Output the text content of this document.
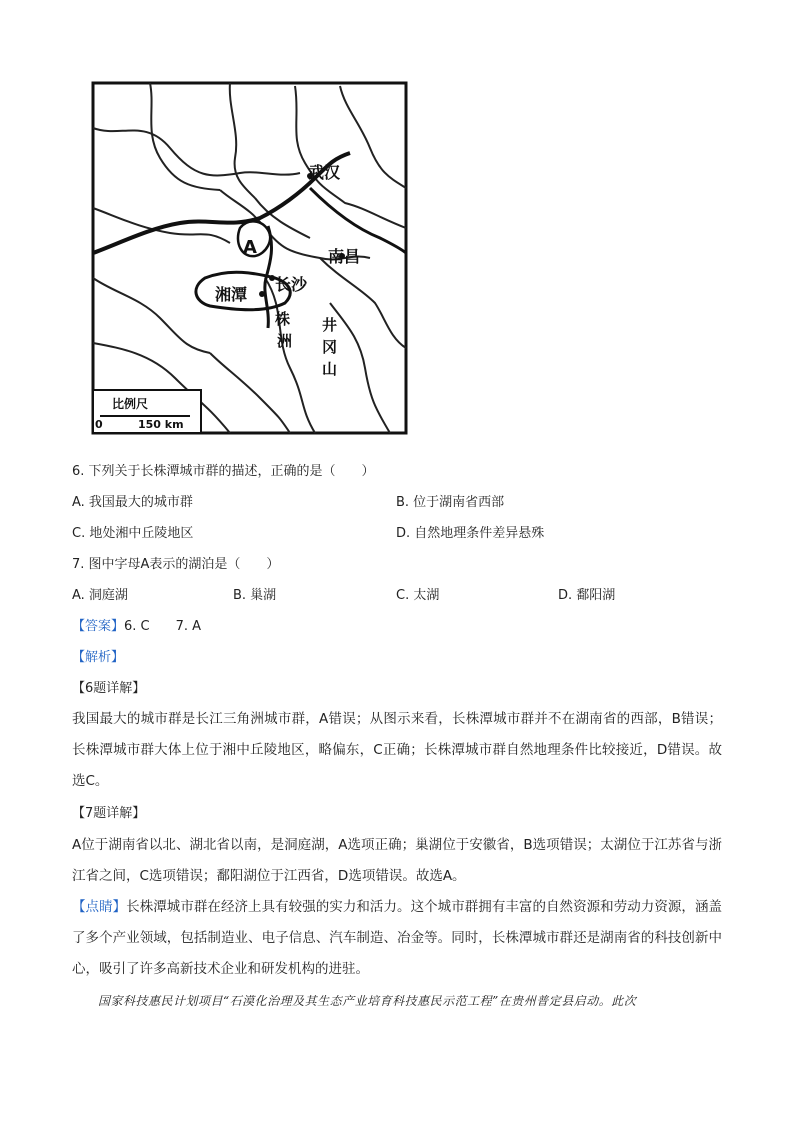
武汉
南昌
A
长沙
湘潭
株
洲
井
冈
山
比例尺
0	150 km
6. 下列关于长株潭城市群的描述，正确的是（　　）
A. 我国最大的城市群	B. 位于湖南省西部
C. 地处湘中丘陵地区	D. 自然地理条件差异悬殊
7. 图中字母A表示的湖泊是（　　）
A. 洞庭湖	B. 巢湖	C. 太湖	D. 鄱阳湖
【答案】6. C　　7. A
【解析】
【6题详解】
我国最大的城市群是长江三角洲城市群，A错误；从图示来看，长株潭城市群并不在湖南省的西部，B错误；长株潭城市群大体上位于湘中丘陵地区，略偏东，C正确；长株潭城市群自然地理条件比较接近，D错误。故选C。
【7题详解】
A位于湖南省以北、湖北省以南，是洞庭湖，A选项正确；巢湖位于安徽省，B选项错误；太湖位于江苏省与浙江省之间，C选项错误；鄱阳湖位于江西省，D选项错误。故选A。
【点睛】长株潭城市群在经济上具有较强的实力和活力。这个城市群拥有丰富的自然资源和劳动力资源，涵盖了多个产业领域，包括制造业、电子信息、汽车制造、冶金等。同时，长株潭城市群还是湖南省的科技创新中心，吸引了许多高新技术企业和研发机构的进驻。
国家科技惠民计划项目“石漠化治理及其生态产业培育科技惠民示范工程”在贵州普定县启动。此次
